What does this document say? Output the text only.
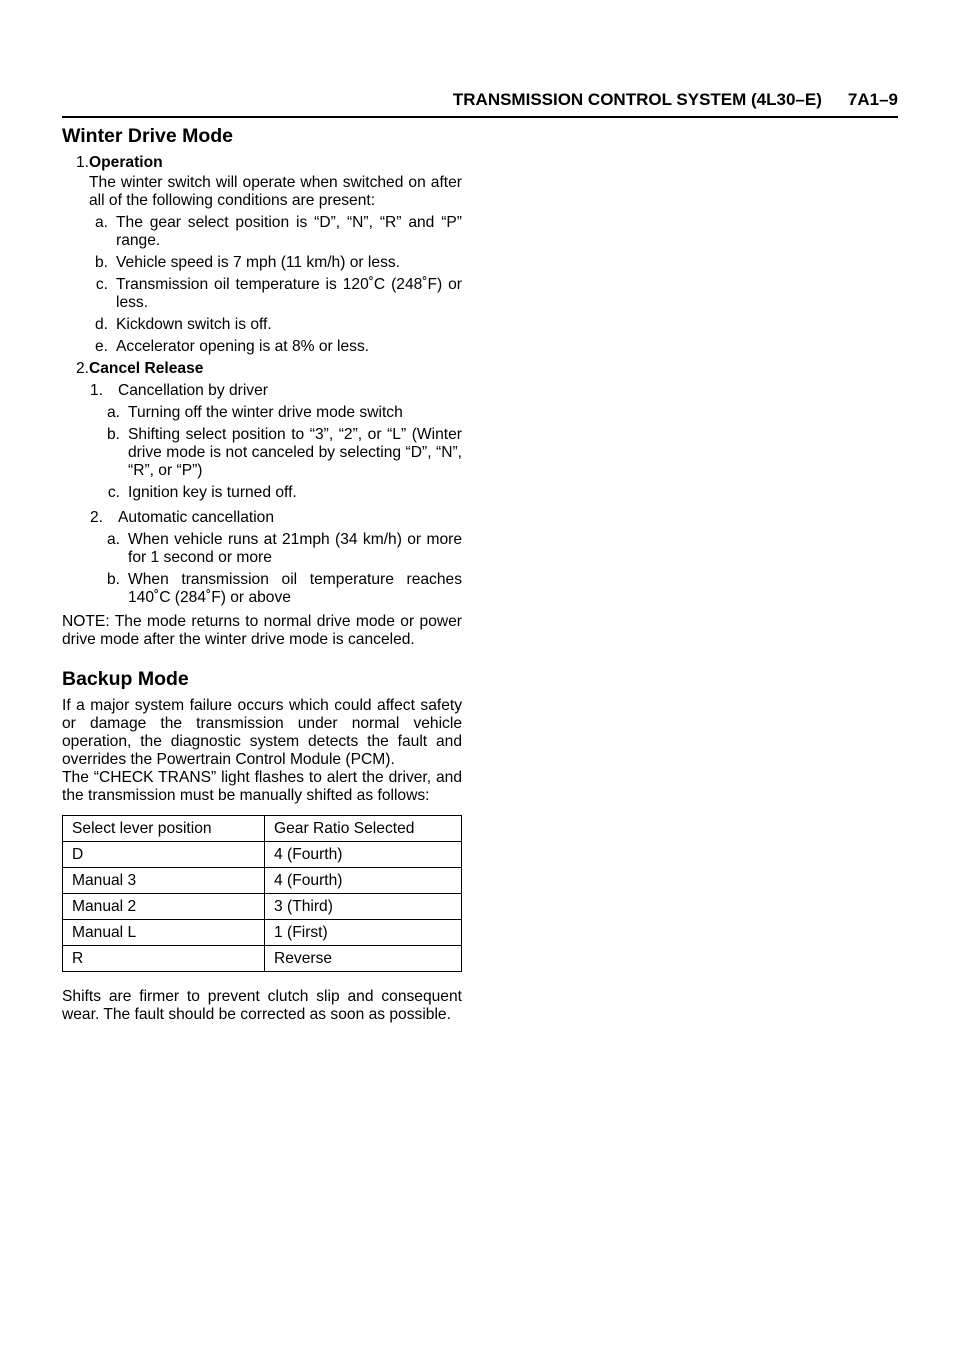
TRANSMISSION CONTROL SYSTEM (4L30–E) 7A1–9
Winter Drive Mode
1. Operation

The winter switch will operate when switched on after all of the following conditions are present:

a. The gear select position is “D”, “N”, “R” and “P” range.
b. Vehicle speed is 7 mph (11 km/h) or less.
c. Transmission oil temperature is 120˚C (248˚F) or less.
d. Kickdown switch is off.
e. Accelerator opening is at 8% or less.
2. Cancel Release
1. Cancellation by driver
a. Turning off the winter drive mode switch
b. Shifting select position to “3”, “2”, or “L” (Winter drive mode is not canceled by selecting “D”, “N”, “R”, or “P”)
c. Ignition key is turned off.
2. Automatic cancellation
a. When vehicle runs at 21mph (34 km/h) or more for 1 second or more
b. When transmission oil temperature reaches 140˚C (284˚F) or above

NOTE: The mode returns to normal drive mode or power drive mode after the winter drive mode is canceled.

Backup Mode

If a major system failure occurs which could affect safety or damage the transmission under normal vehicle operation, the diagnostic system detects the fault and overrides the Powertrain Control Module (PCM).

The “CHECK TRANS” light flashes to alert the driver, and the transmission must be manually shifted as follows:

Select lever position	Gear Ratio Selected
D	4 (Fourth)
Manual 3	4 (Fourth)
Manual 2	3 (Third)
Manual L	1 (First)
R	Reverse

Shifts are firmer to prevent clutch slip and consequent wear. The fault should be corrected as soon as possible.
